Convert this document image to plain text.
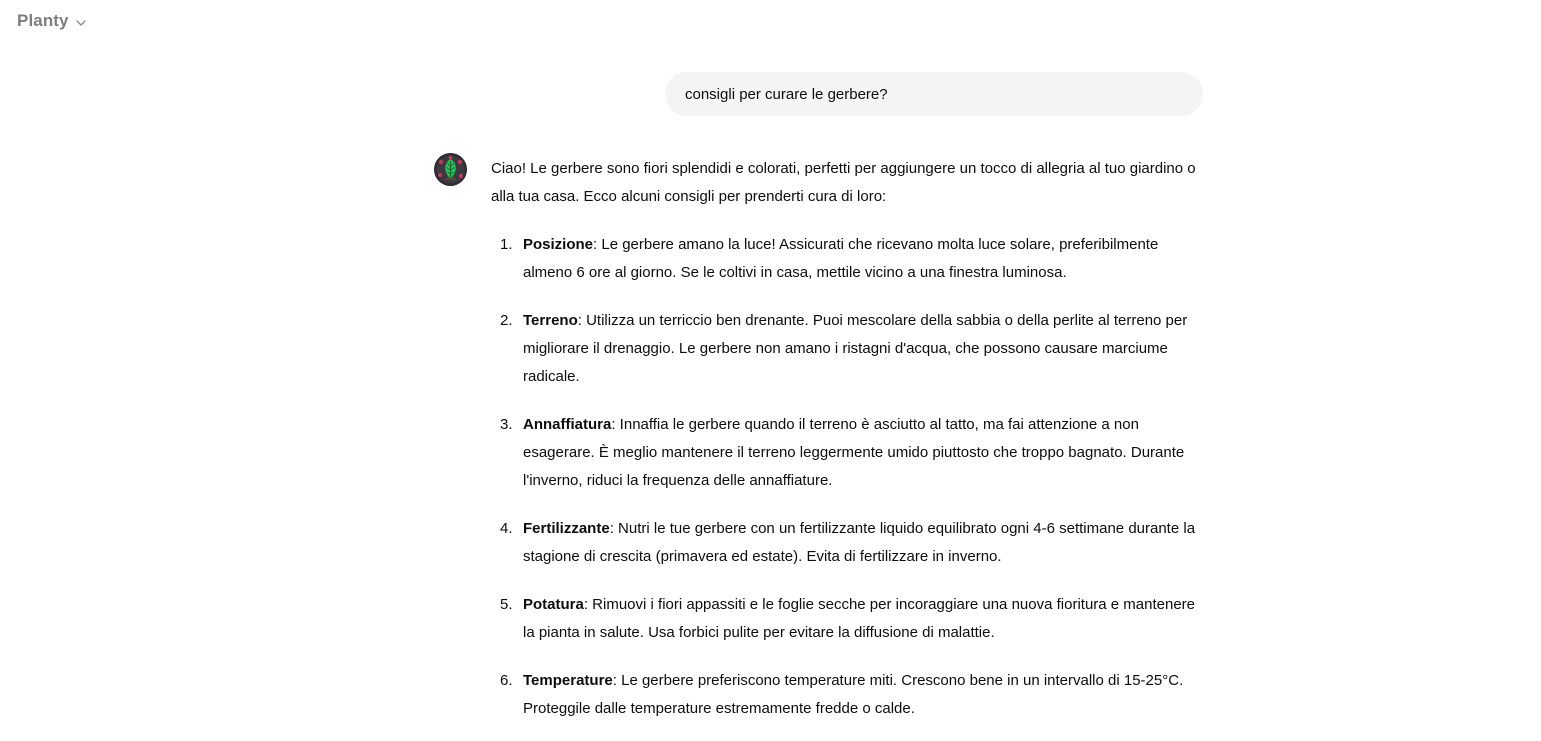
Planty
consigli per curare le gerbere?

Ciao! Le gerbere sono fiori splendidi e colorati, perfetti per aggiungere un tocco di allegria al tuo giardino o alla tua casa. Ecco alcuni consigli per prenderti cura di loro:

1. Posizione: Le gerbere amano la luce! Assicurati che ricevano molta luce solare, preferibilmente almeno 6 ore al giorno. Se le coltivi in casa, mettile vicino a una finestra luminosa.
2. Terreno: Utilizza un terriccio ben drenante. Puoi mescolare della sabbia o della perlite al terreno per migliorare il drenaggio. Le gerbere non amano i ristagni d'acqua, che possono causare marciume radicale.
3. Annaffiatura: Innaffia le gerbere quando il terreno è asciutto al tatto, ma fai attenzione a non esagerare. È meglio mantenere il terreno leggermente umido piuttosto che troppo bagnato. Durante l'inverno, riduci la frequenza delle annaffiature.
4. Fertilizzante: Nutri le tue gerbere con un fertilizzante liquido equilibrato ogni 4-6 settimane durante la stagione di crescita (primavera ed estate). Evita di fertilizzare in inverno.
5. Potatura: Rimuovi i fiori appassiti e le foglie secche per incoraggiare una nuova fioritura e mantenere la pianta in salute. Usa forbici pulite per evitare la diffusione di malattie.
6. Temperature: Le gerbere preferiscono temperature miti. Crescono bene in un intervallo di 15-25°C. Proteggile dalle temperature estremamente fredde o calde.
